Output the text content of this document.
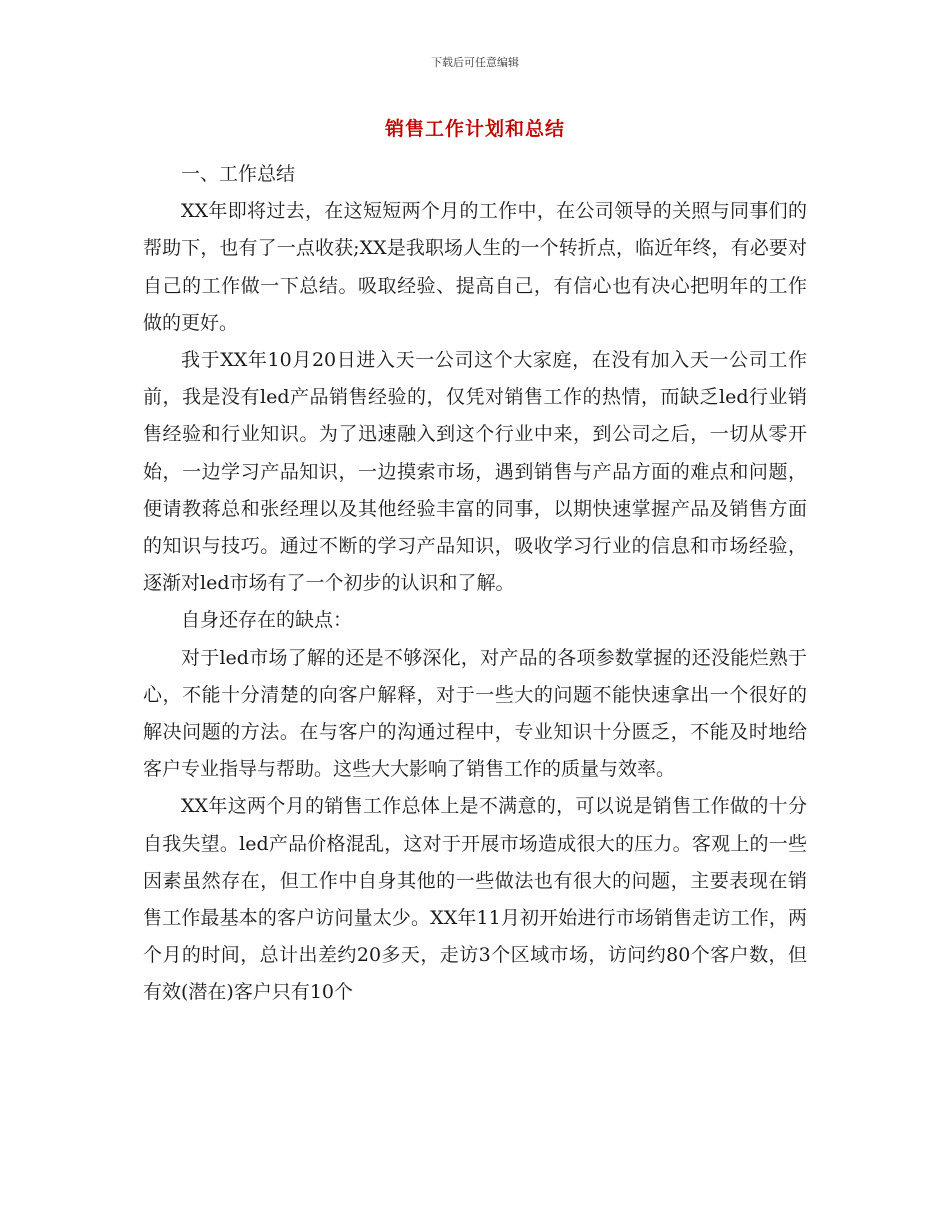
下载后可任意编辑
销售工作计划和总结

一、工作总结

XX年即将过去，在这短短两个月的工作中，在公司领导的关照与同事们的帮助下，也有了一点收获;XX是我职场人生的一个转折点，临近年终，有必要对自己的工作做一下总结。吸取经验、提高自己，有信心也有决心把明年的工作做的更好。

我于XX年10月20日进入天一公司这个大家庭，在没有加入天一公司工作前，我是没有led产品销售经验的，仅凭对销售工作的热情，而缺乏led行业销售经验和行业知识。为了迅速融入到这个行业中来，到公司之后，一切从零开始，一边学习产品知识，一边摸索市场，遇到销售与产品方面的难点和问题，便请教蒋总和张经理以及其他经验丰富的同事，以期快速掌握产品及销售方面的知识与技巧。通过不断的学习产品知识，吸收学习行业的信息和市场经验，逐渐对led市场有了一个初步的认识和了解。

自身还存在的缺点：

对于led市场了解的还是不够深化，对产品的各项参数掌握的还没能烂熟于心，不能十分清楚的向客户解释，对于一些大的问题不能快速拿出一个很好的解决问题的方法。在与客户的沟通过程中，专业知识十分匮乏，不能及时地给客户专业指导与帮助。这些大大影响了销售工作的质量与效率。

XX年这两个月的销售工作总体上是不满意的，可以说是销售工作做的十分自我失望。led产品价格混乱，这对于开展市场造成很大的压力。客观上的一些因素虽然存在，但工作中自身其他的一些做法也有很大的问题，主要表现在销售工作最基本的客户访问量太少。XX年11月初开始进行市场销售走访工作，两个月的时间，总计出差约20多天，走访3个区域市场，访问约80个客户数，但有效(潜在)客户只有10个
